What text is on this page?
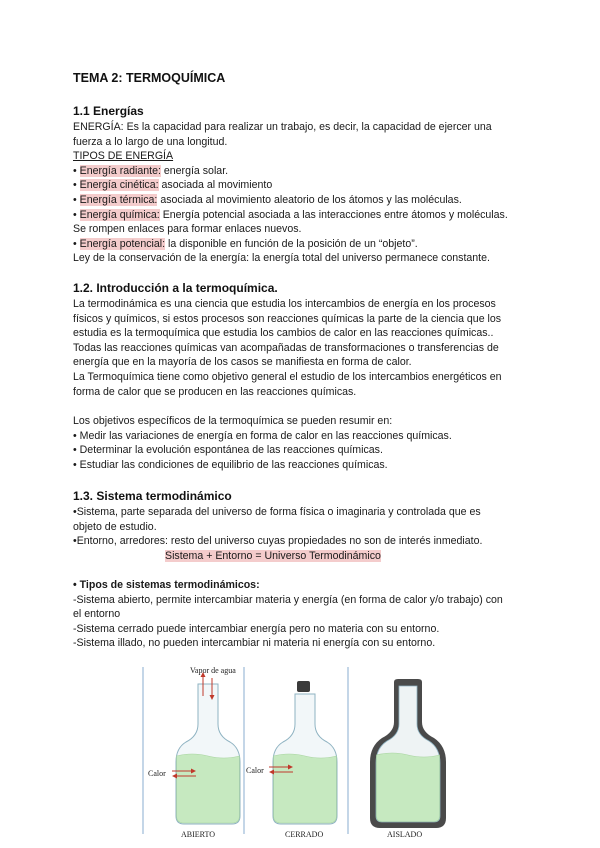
TEMA 2: TERMOQUÍMICA
1.1 Energías
ENERGÍA: Es la capacidad para realizar un trabajo, es decir, la capacidad de ejercer una
fuerza a lo largo de una longitud.
TIPOS DE ENERGÍA
• Energía radiante: energía solar.
• Energía cinética: asociada al movimiento
• Energía térmica: asociada al movimiento aleatorio de los átomos y las moléculas.
• Energía química: Energía potencial asociada a las interacciones entre átomos y moléculas.
Se rompen enlaces para formar enlaces nuevos.
• Energía potencial: la disponible en función de la posición de un “objeto”.
Ley de la conservación de la energía: la energía total del universo permanece constante.
1.2. Introducción a la termoquímica.
La termodinámica es una ciencia que estudia los intercambios de energía en los procesos
físicos y químicos, si estos procesos son reacciones químicas la parte de la ciencia que los
estudia es la termoquímica que estudia los cambios de calor en las reacciones químicas..
Todas las reacciones químicas van acompañadas de transformaciones o transferencias de
energía que en la mayoría de los casos se manifiesta en forma de calor.
La Termoquímica tiene como objetivo general el estudio de los intercambios energéticos en
forma de calor que se producen en las reacciones químicas.
Los objetivos específicos de la termoquímica se pueden resumir en:
• Medir las variaciones de energía en forma de calor en las reacciones químicas.
• Determinar la evolución espontánea de las reacciones químicas.
• Estudiar las condiciones de equilibrio de las reacciones químicas.
1.3. Sistema termodinámico
•Sistema, parte separada del universo de forma física o imaginaria y controlada que es
objeto de estudio.
•Entorno, arredores: resto del universo cuyas propiedades no son de interés inmediato.
Sistema + Entorno = Universo Termodinámico
• Tipos de sistemas termodinámicos:
-Sistema abierto, permite intercambiar materia y energía (en forma de calor y/o trabajo) con
el entorno
-Sistema cerrado puede intercambiar energía pero no materia con su entorno.
-Sistema illado, no pueden intercambiar ni materia ni energía con su entorno.
Vapor de agua
Calor
ABIERTO
Calor
CERRADO	AISLADO
